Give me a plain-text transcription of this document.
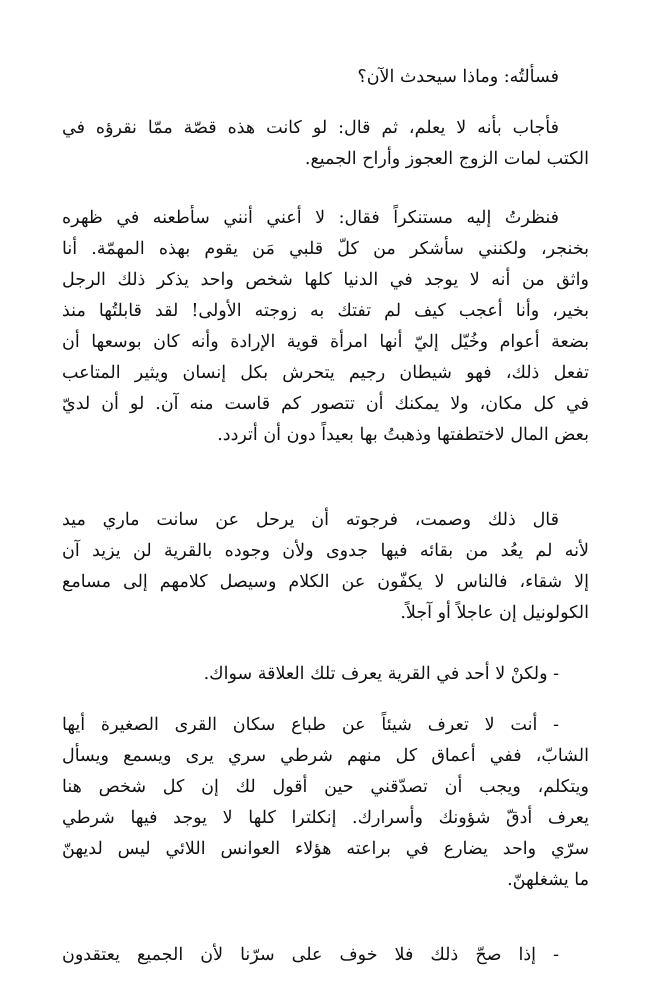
فسألتُه: وماذا سيحدث الآن؟
فأجاب بأنه لا يعلم، ثم قال: لو كانت هذه قصّة ممّا نقرؤه في
الكتب لمات الزوج العجوز وأراح الجميع.
فنظرتُ إليه مستنكراً فقال: لا أعني أنني سأطعنه في ظهره
بخنجر، ولكنني سأشكر من كلّ قلبي مَن يقوم بهذه المهمّة. أنا
واثق من أنه لا يوجد في الدنيا كلها شخص واحد يذكر ذلك الرجل
بخير، وأنا أعجب كيف لم تفتك به زوجته الأولى! لقد قابلتُها منذ
بضعة أعوام وخُيّل إليّ أنها امرأة قوية الإرادة وأنه كان بوسعها أن
تفعل ذلك، فهو شيطان رجيم يتحرش بكل إنسان ويثير المتاعب
في كل مكان، ولا يمكنك أن تتصور كم قاست منه آن. لو أن لديّ
بعض المال لاختطفتها وذهبتُ بها بعيداً دون أن أتردد.
قال ذلك وصمت، فرجوته أن يرحل عن سانت ماري ميد
لأنه لم يعُد من بقائه فيها جدوى ولأن وجوده بالقرية لن يزيد آن
إلا شقاء، فالناس لا يكفّون عن الكلام وسيصل كلامهم إلى مسامع
الكولونيل إن عاجلاً أو آجلاً.
- ولكنْ لا أحد في القرية يعرف تلك العلاقة سواك.
- أنت لا تعرف شيئاً عن طباع سكان القرى الصغيرة أيها
الشابّ، ففي أعماق كل منهم شرطي سري يرى ويسمع ويسأل
ويتكلم، ويجب أن تصدّقني حين أقول لك إن كل شخص هنا
يعرف أدقّ شؤونك وأسرارك. إنكلترا كلها لا يوجد فيها شرطي
سرّي واحد يضارع في براعته هؤلاء العوانس اللائي ليس لديهنّ
ما يشغلهنّ.
- إذا صحّ ذلك فلا خوف على سرّنا لأن الجميع يعتقدون
